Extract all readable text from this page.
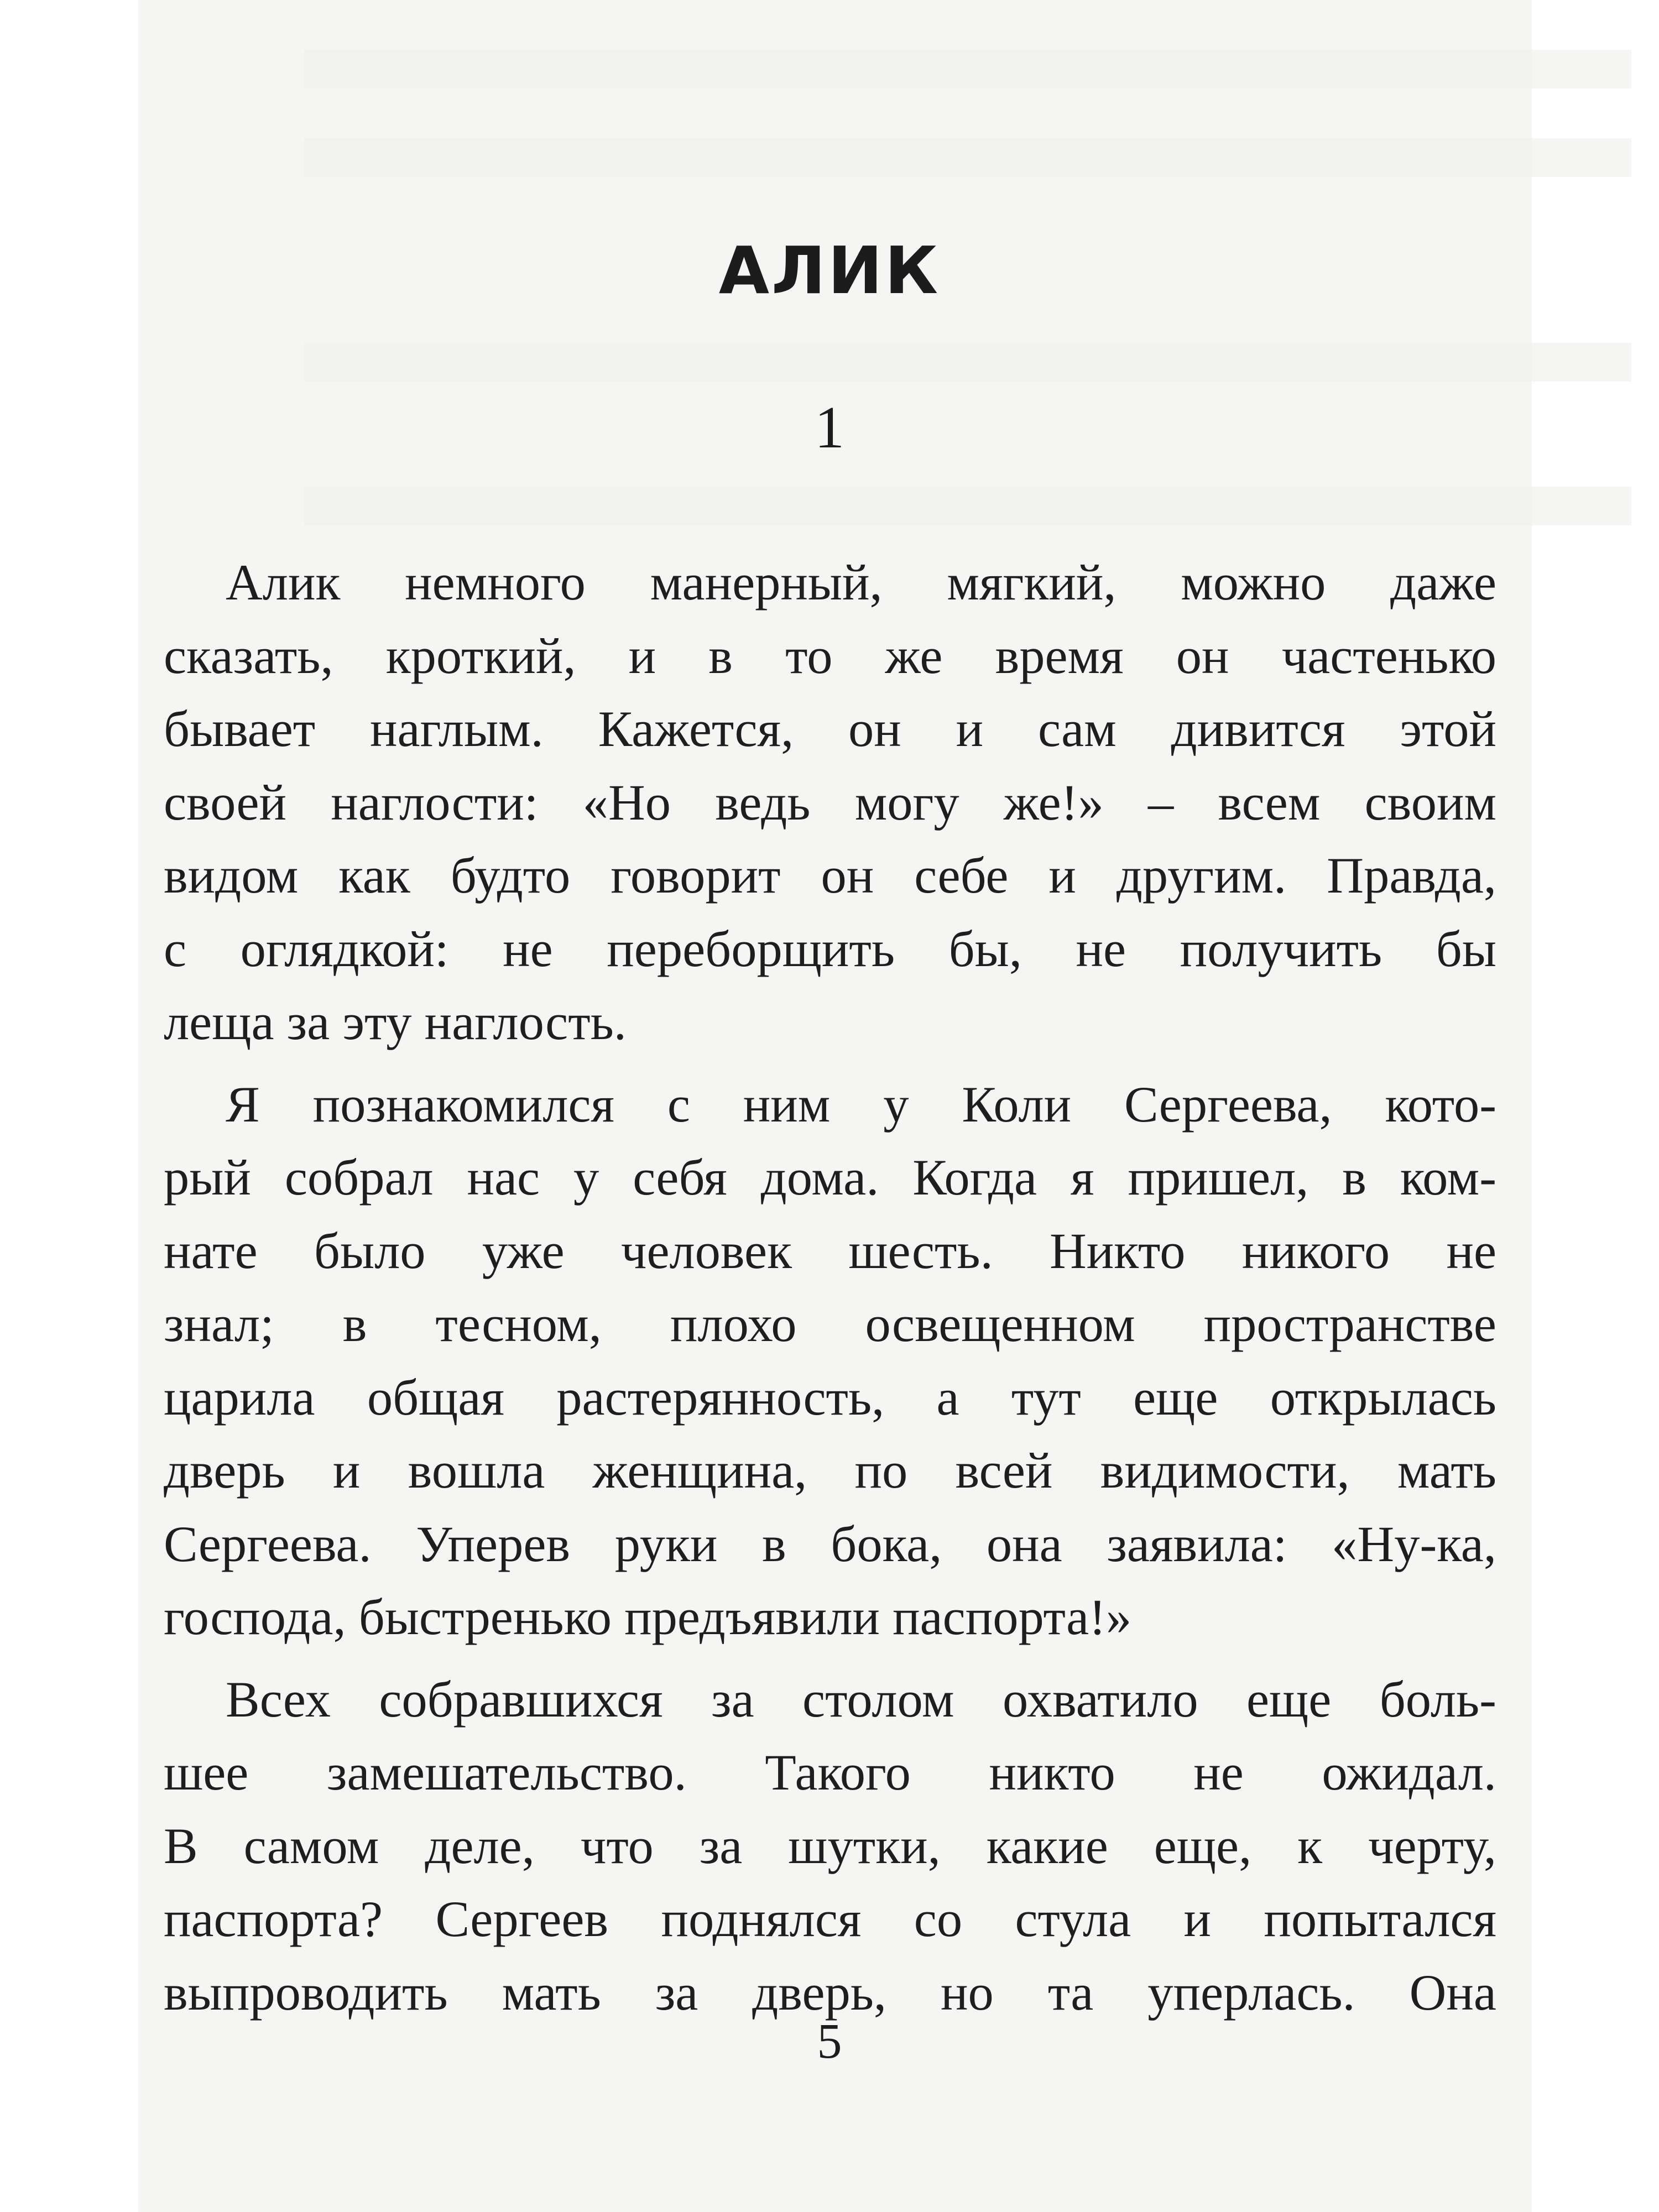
АЛИК
1

Алик немного манерный, мягкий, можно даже
сказать, кроткий, и в то же время он частенько
бывает наглым. Кажется, он и сам дивится этой
своей наглости: «Но ведь могу же!» – всем своим
видом как будто говорит он себе и другим. Правда,
с оглядкой: не переборщить бы, не получить бы
леща за эту наглость.

Я познакомился с ним у Коли Сергеева, кото-
рый собрал нас у себя дома. Когда я пришел, в ком-
нате было уже человек шесть. Никто никого не
знал; в тесном, плохо освещенном пространстве
царила общая растерянность, а тут еще открылась
дверь и вошла женщина, по всей видимости, мать
Сергеева. Уперев руки в бока, она заявила: «Ну-ка,
господа, быстренько предъявили паспорта!»

Всех собравшихся за столом охватило еще боль-
шее замешательство. Такого никто не ожидал.
В самом деле, что за шутки, какие еще, к черту,
паспорта? Сергеев поднялся со стула и попытался
выпроводить мать за дверь, но та уперлась. Она

5
